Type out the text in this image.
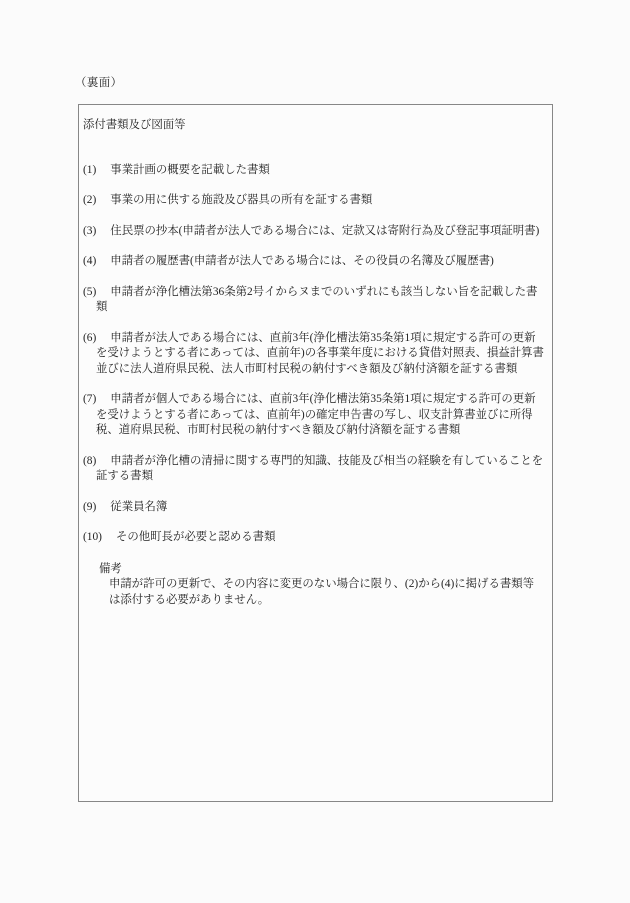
（裏面）
添付書類及び図面等
(1) 事業計画の概要を記載した書類
(2) 事業の用に供する施設及び器具の所有を証する書類
(3) 住民票の抄本(申請者が法人である場合には、定款又は寄附行為及び登記事項証明書)
(4) 申請者の履歴書(申請者が法人である場合には、その役員の名簿及び履歴書)
(5) 申請者が浄化槽法第36条第2号イからヌまでのいずれにも該当しない旨を記載した書類
(6) 申請者が法人である場合には、直前3年(浄化槽法第35条第1項に規定する許可の更新を受けようとする者にあっては、直前年)の各事業年度における貸借対照表、損益計算書並びに法人道府県民税、法人市町村民税の納付すべき額及び納付済額を証する書類
(7) 申請者が個人である場合には、直前3年(浄化槽法第35条第1項に規定する許可の更新を受けようとする者にあっては、直前年)の確定申告書の写し、収支計算書並びに所得税、道府県民税、市町村民税の納付すべき額及び納付済額を証する書類
(8) 申請者が浄化槽の清掃に関する専門的知識、技能及び相当の経験を有していることを証する書類
(9) 従業員名簿
(10) その他町長が必要と認める書類
備考
申請が許可の更新で、その内容に変更のない場合に限り、(2)から(4)に掲げる書類等は添付する必要がありません。
